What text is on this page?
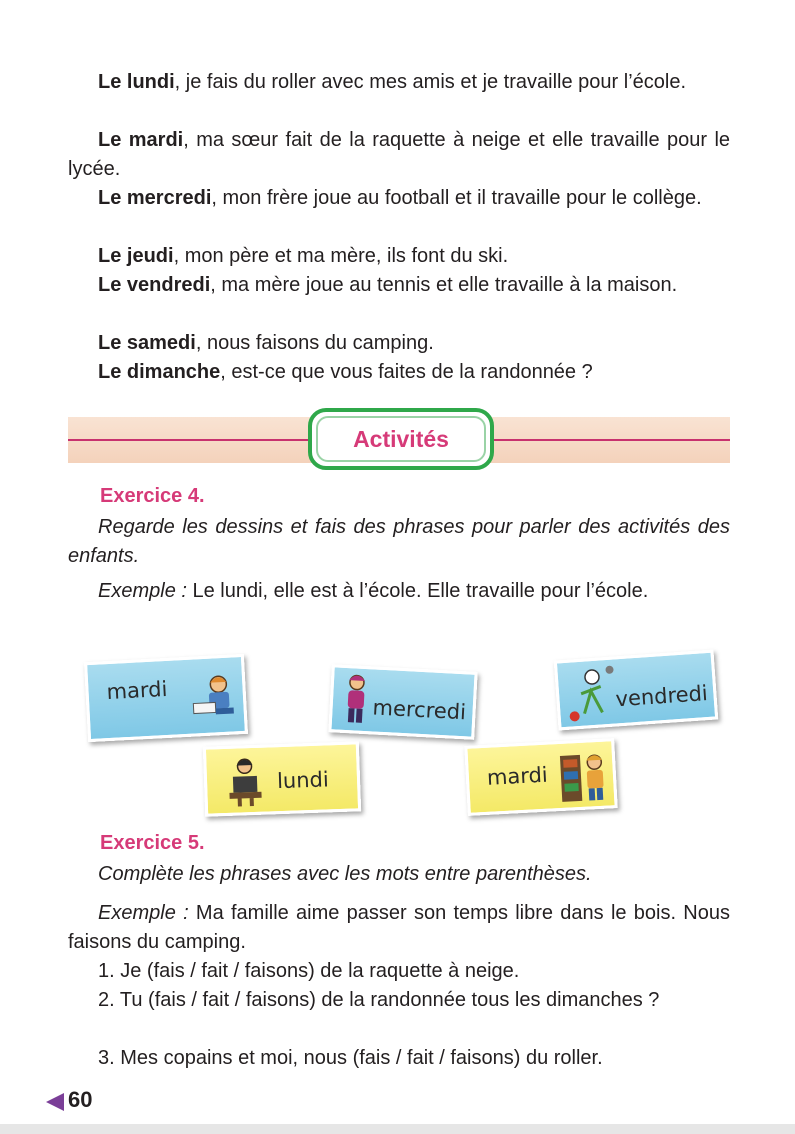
Le lundi, je fais du roller avec mes amis et je travaille pour l’école.

Le mardi, ma sœur fait de la raquette à neige et elle travaille pour le lycée.

Le mercredi, mon frère joue au football et il travaille pour le collège.

Le jeudi, mon père et ma mère, ils font du ski.

Le vendredi, ma mère joue au tennis et elle travaille à la maison.

Le samedi, nous faisons du camping.

Le dimanche, est-ce que vous faites de la randonnée ?

Activités
Exercice 4.

Regarde les dessins et fais des phrases pour parler des activités des enfants.

Exemple : Le lundi, elle est à l’école. Elle travaille pour l’école.

mardi
mercredi	vendredi
lundi	mardi
Exercice 5.

Complète les phrases avec les mots entre parenthèses.

Exemple : Ma famille aime passer son temps libre dans le bois. Nous faisons du camping.

1. Je (fais / fait / faisons) de la raquette à neige.

2. Tu (fais / fait / faisons) de la randonnée tous les dimanches ?

3. Mes copains et moi, nous (fais / fait / faisons) du roller.

60
